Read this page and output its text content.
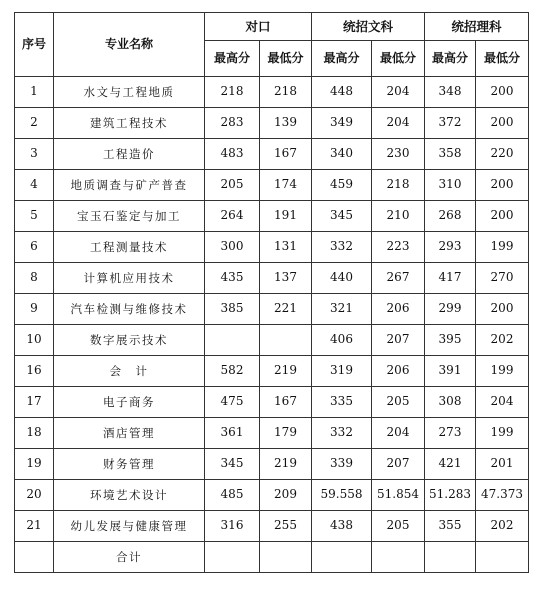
序号	专业名称	对口		统招文科		统招理科	
		最高分	最低分	最高分	最低分	最高分	最低分
1	水文与工程地质	218	218	448	204	348	200
2	建筑工程技术	283	139	349	204	372	200
3	工程造价	483	167	340	230	358	220
4	地质调查与矿产普查	205	174	459	218	310	200
5	宝玉石鉴定与加工	264	191	345	210	268	200
6	工程测量技术	300	131	332	223	293	199
8	计算机应用技术	435	137	440	267	417	270
9	汽车检测与维修技术	385	221	321	206	299	200
10	数字展示技术			406	207	395	202
16	会　计	582	219	319	206	391	199
17	电子商务	475	167	335	205	308	204
18	酒店管理	361	179	332	204	273	199
19	财务管理	345	219	339	207	421	201
20	环境艺术设计	485	209	59.558	51.854	51.283	47.373
21	幼儿发展与健康管理	316	255	438	205	355	202
	合计						
